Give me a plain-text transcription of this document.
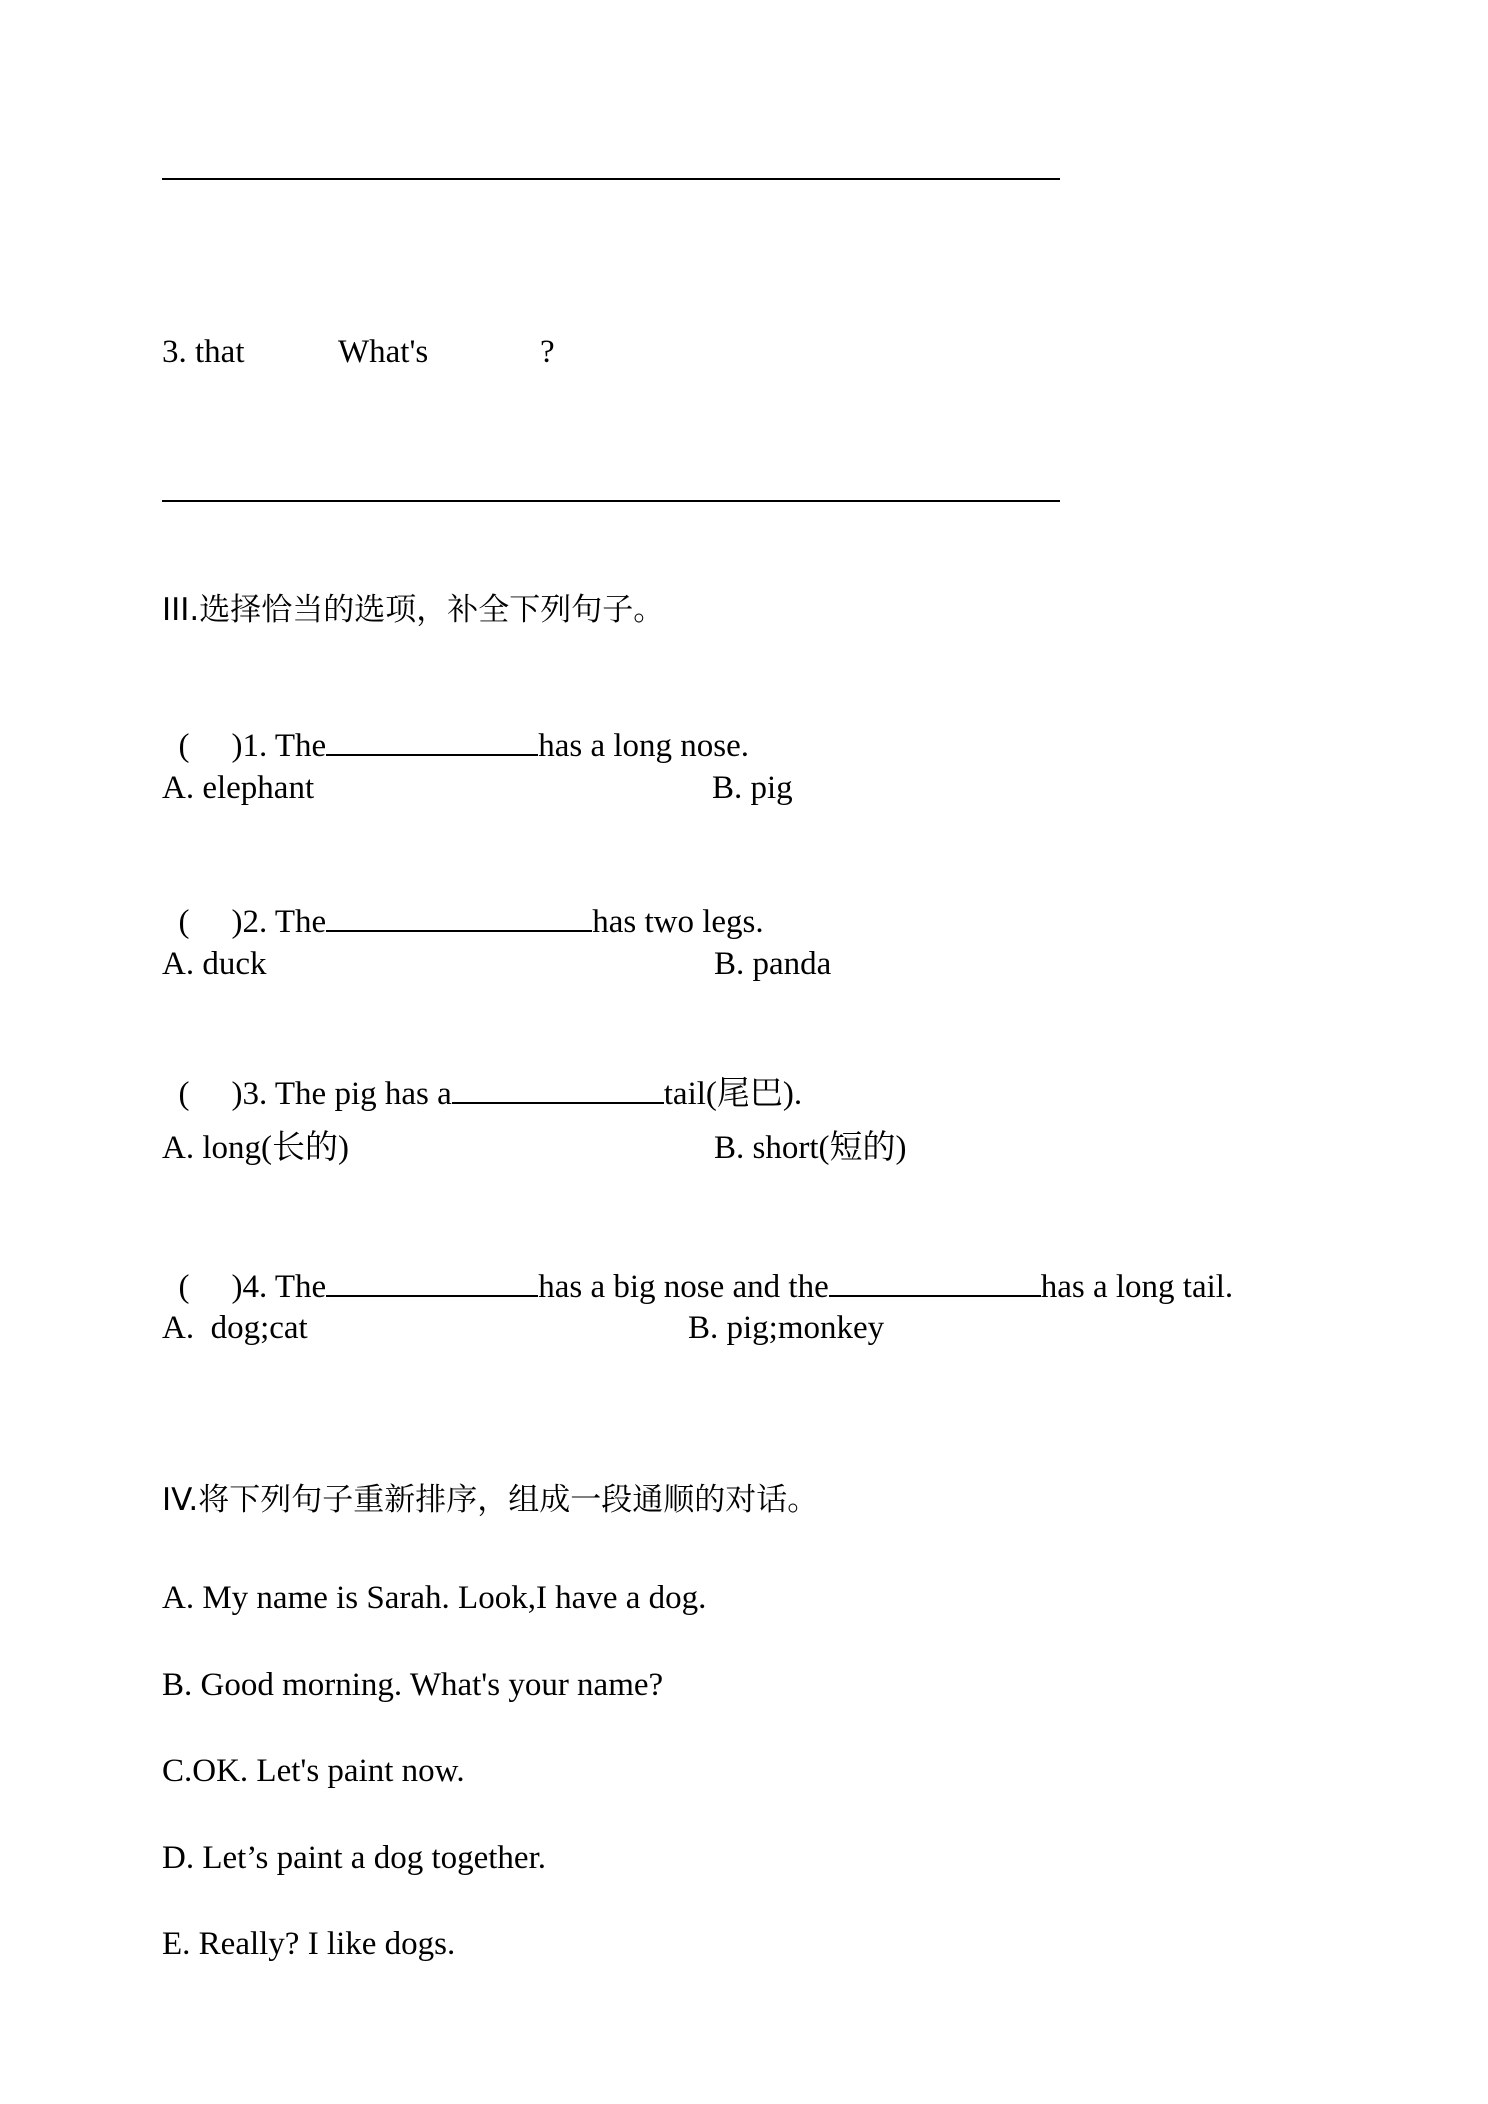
3. that	What's	?
III.选择恰当的选项，补全下列句子。

( )1. The	has a long nose.

A. elephant	B. pig

( )2. The	has two legs.

A. duck	B. panda

( )3. The pig has a	tail(尾巴).

A. long(长的)	B. short(短的)

( )4. The	has a big nose and the	has a long tail.

A.  dog;cat	B. pig;monkey
IV.将下列句子重新排序，组成一段通顺的对话。
A. My name is Sarah. Look,I have a dog.
B. Good morning. What's your name?
C.OK. Let's paint now.
D. Let’s paint a dog together.
E. Really? I like dogs.
